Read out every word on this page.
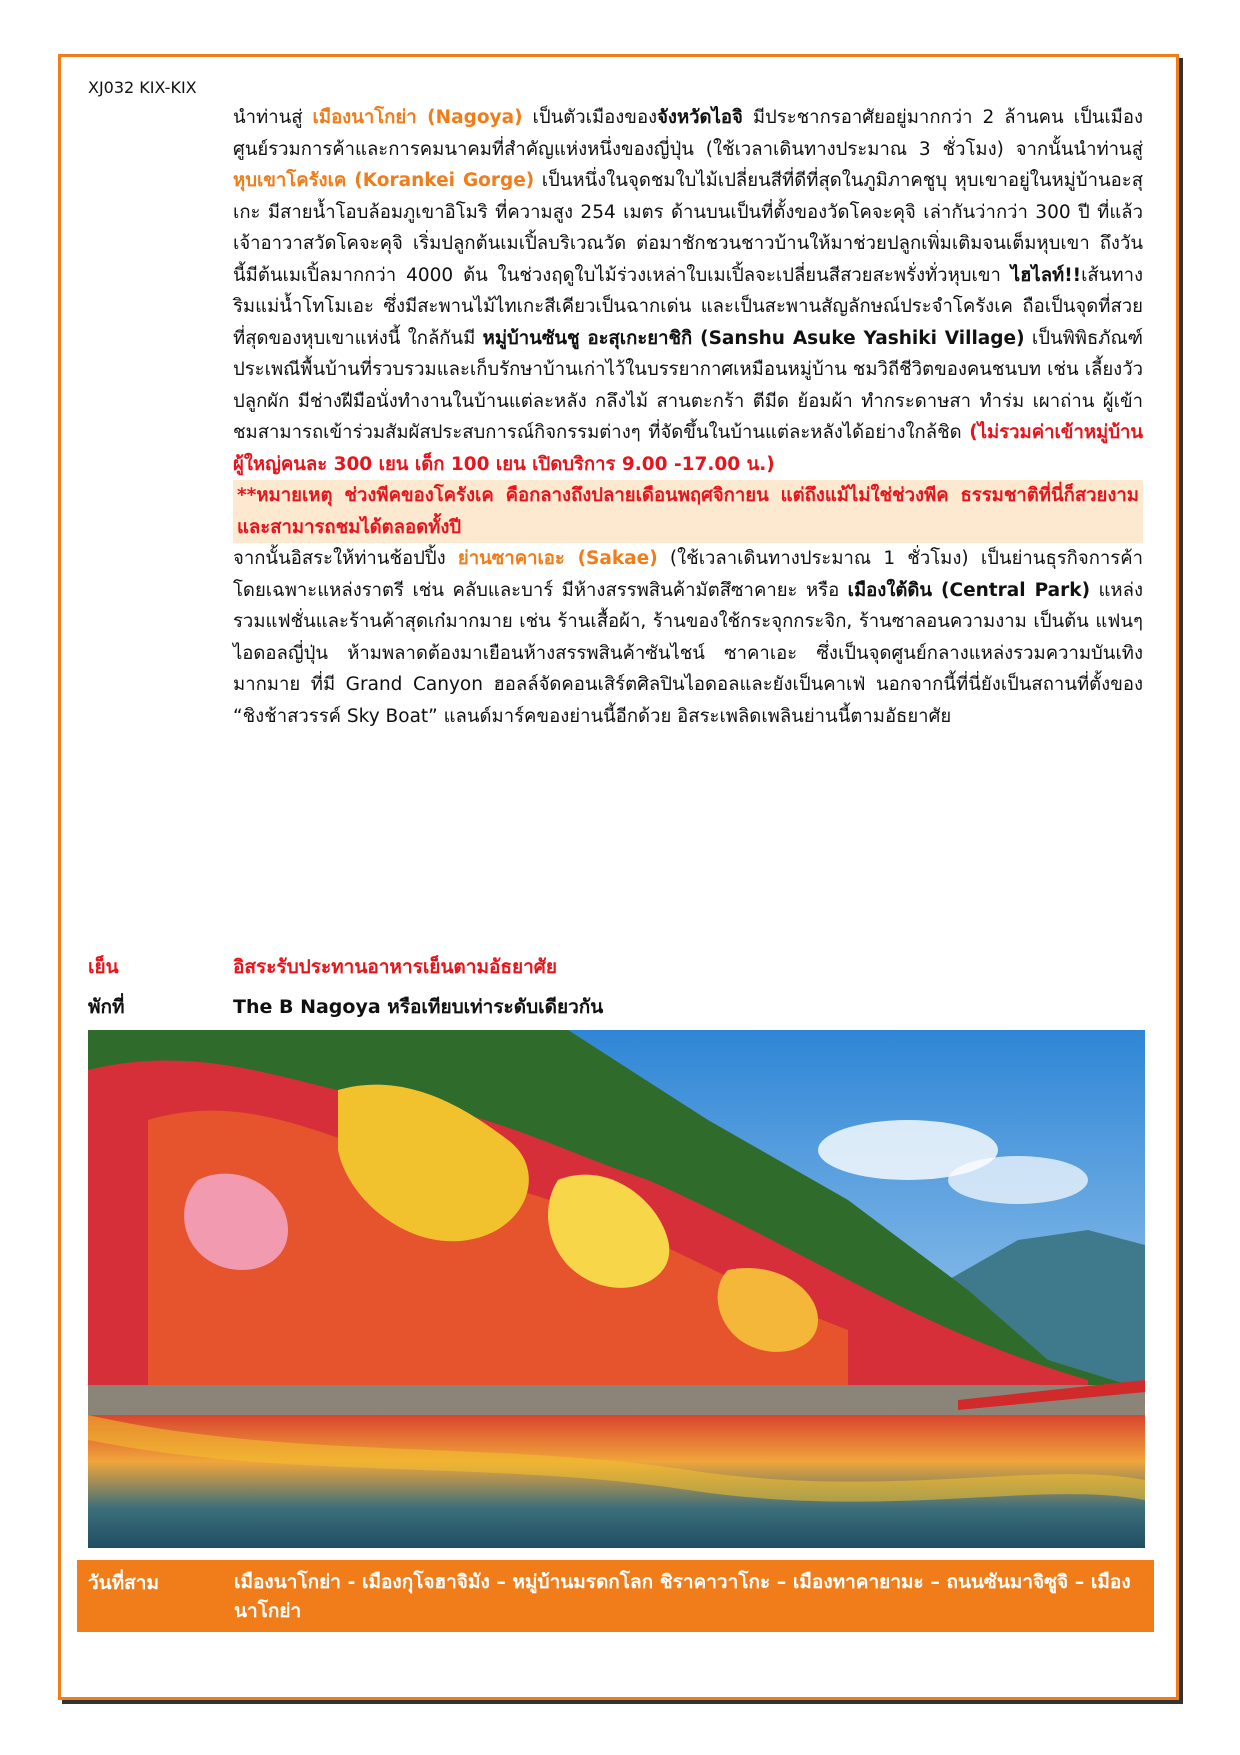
XJ032 KIX-KIX

นำท่านสู่ เมืองนาโกย่า (Nagoya) เป็นตัวเมืองของจังหวัดไอจิ มีประชากรอาศัยอยู่มากกว่า 2 ล้านคน เป็นเมืองศูนย์รวมการค้าและการคมนาคมที่สำคัญแห่งหนึ่งของญี่ปุ่น (ใช้เวลาเดินทางประมาณ 3 ชั่วโมง) จากนั้นนำท่านสู่ หุบเขาโครังเค (Korankei Gorge) เป็นหนึ่งในจุดชมใบไม้เปลี่ยนสีที่ดีที่สุดในภูมิภาคชูบุ หุบเขาอยู่ในหมู่บ้านอะสุเกะ มีสายน้ำโอบล้อมภูเขาอิโมริ ที่ความสูง 254 เมตร ด้านบนเป็นที่ตั้งของวัดโคจะคุจิ เล่ากันว่ากว่า 300 ปี ที่แล้ว เจ้าอาวาสวัดโคจะคุจิ เริ่มปลูกต้นเมเปิ้ลบริเวณวัด ต่อมาชักชวนชาวบ้านให้มาช่วยปลูกเพิ่มเติมจนเต็มหุบเขา ถึงวันนี้มีต้นเมเปิ้ลมากกว่า 4000 ต้น ในช่วงฤดูใบไม้ร่วงเหล่าใบเมเปิ้ลจะเปลี่ยนสีสวยสะพรั่งทั่วหุบเขา ไฮไลท์!!เส้นทางริมแม่น้ำโทโมเอะ ซึ่งมีสะพานไม้ไทเกะสีเคียวเป็นฉากเด่น และเป็นสะพานสัญลักษณ์ประจำโครังเค ถือเป็นจุดที่สวยที่สุดของหุบเขาแห่งนี้ ใกล้กันมี หมู่บ้านซันชู อะสุเกะยาชิกิ (Sanshu Asuke Yashiki Village) เป็นพิพิธภัณฑ์ประเพณีพื้นบ้านที่รวบรวมและเก็บรักษาบ้านเก่าไว้ในบรรยากาศเหมือนหมู่บ้าน ชมวิถีชีวิตของคนชนบท เช่น เลี้ยงวัว ปลูกผัก มีช่างฝีมือนั่งทำงานในบ้านแต่ละหลัง กลึงไม้ สานตะกร้า ตีมีด ย้อมผ้า ทำกระดาษสา ทำร่ม เผาถ่าน ผู้เข้าชมสามารถเข้าร่วมสัมผัสประสบการณ์กิจกรรมต่างๆ ที่จัดขึ้นในบ้านแต่ละหลังได้อย่างใกล้ชิด (ไม่รวมค่าเข้าหมู่บ้าน ผู้ใหญ่คนละ 300 เยน เด็ก 100 เยน เปิดบริการ 9.00 -17.00 น.)

**หมายเหตุ ช่วงพีคของโครังเค คือกลางถึงปลายเดือนพฤศจิกายน แต่ถึงแม้ไม่ใช่ช่วงพีค ธรรมชาติที่นี่ก็สวยงามและสามารถชมได้ตลอดทั้งปี

จากนั้นอิสระให้ท่านช้อปปิ้ง ย่านซาคาเอะ (Sakae) (ใช้เวลาเดินทางประมาณ 1 ชั่วโมง) เป็นย่านธุรกิจการค้า โดยเฉพาะแหล่งราตรี เช่น คลับและบาร์ มีห้างสรรพสินค้ามัตสึซาคายะ หรือ เมืองใต้ดิน (Central Park) แหล่งรวมแฟชั่นและร้านค้าสุดเก๋มากมาย เช่น ร้านเสื้อผ้า, ร้านของใช้กระจุกกระจิก, ร้านซาลอนความงาม เป็นต้น แฟนๆไอดอลญี่ปุ่น ห้ามพลาดต้องมาเยือนห้างสรรพสินค้าซันไชน์ ซาคาเอะ ซึ่งเป็นจุดศูนย์กลางแหล่งรวมความบันเทิงมากมาย ที่มี Grand Canyon ฮอลล์จัดคอนเสิร์ตศิลปินไอดอลและยังเป็นคาเฟ่ นอกจากนี้ที่นี่ยังเป็นสถานที่ตั้งของ “ชิงช้าสวรรค์ Sky Boat” แลนด์มาร์คของย่านนี้อีกด้วย อิสระเพลิดเพลินย่านนี้ตามอัธยาศัย

เย็น	อิสระรับประทานอาหารเย็นตามอัธยาศัย
พักที่	The B Nagoya หรือเทียบเท่าระดับเดียวกัน
วันที่สาม	เมืองนาโกย่า - เมืองกุโจฮาจิมัง – หมู่บ้านมรดกโลก ชิราคาวาโกะ – เมืองทาคายามะ – ถนนซันมาจิซูจิ – เมืองนาโกย่า
